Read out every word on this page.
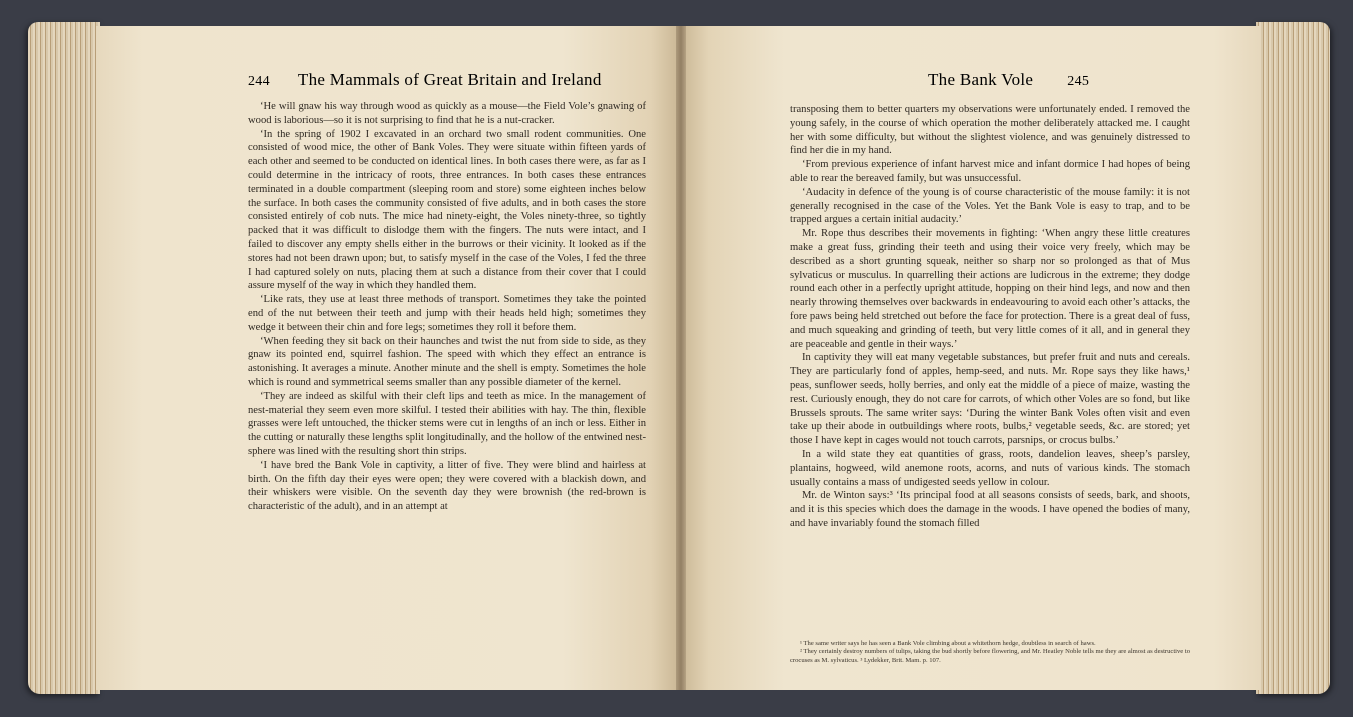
244 The Mammals of Great Britain and Ireland

‘He will gnaw his way through wood as quickly as a mouse—the Field Vole’s gnawing of wood is laborious—so it is not surprising to find that he is a nut-cracker.

‘In the spring of 1902 I excavated in an orchard two small rodent communities. One consisted of wood mice, the other of Bank Voles. They were situate within fifteen yards of each other and seemed to be conducted on identical lines. In both cases there were, as far as I could determine in the intricacy of roots, three entrances. In both cases these entrances terminated in a double compartment (sleeping room and store) some eighteen inches below the surface. In both cases the community consisted of five adults, and in both cases the store consisted entirely of cob nuts. The mice had ninety-eight, the Voles ninety-three, so tightly packed that it was difficult to dislodge them with the fingers. The nuts were intact, and I failed to discover any empty shells either in the burrows or their vicinity. It looked as if the stores had not been drawn upon; but, to satisfy myself in the case of the Voles, I fed the three I had captured solely on nuts, placing them at such a distance from their cover that I could assure myself of the way in which they handled them.

‘Like rats, they use at least three methods of transport. Sometimes they take the pointed end of the nut between their teeth and jump with their heads held high; sometimes they wedge it between their chin and fore legs; sometimes they roll it before them.

‘When feeding they sit back on their haunches and twist the nut from side to side, as they gnaw its pointed end, squirrel fashion. The speed with which they effect an entrance is astonishing. It averages a minute. Another minute and the shell is empty. Sometimes the hole which is round and symmetrical seems smaller than any possible diameter of the kernel.

‘They are indeed as skilful with their cleft lips and teeth as mice. In the management of nest-material they seem even more skilful. I tested their abilities with hay. The thin, flexible grasses were left untouched, the thicker stems were cut in lengths of an inch or less. Either in the cutting or naturally these lengths split longitudinally, and the hollow of the entwined nest-sphere was lined with the resulting short thin strips.

‘I have bred the Bank Vole in captivity, a litter of five. They were blind and hairless at birth. On the fifth day their eyes were open; they were covered with a blackish down, and their whiskers were visible. On the seventh day they were brownish (the red-brown is characteristic of the adult), and in an attempt at

The Bank Vole 245

transposing them to better quarters my observations were unfortunately ended. I removed the young safely, in the course of which operation the mother deliberately attacked me. I caught her with some difficulty, but without the slightest violence, and was genuinely distressed to find her die in my hand.

‘From previous experience of infant harvest mice and infant dormice I had hopes of being able to rear the bereaved family, but was unsuccessful.

‘Audacity in defence of the young is of course characteristic of the mouse family: it is not generally recognised in the case of the Voles. Yet the Bank Vole is easy to trap, and to be trapped argues a certain initial audacity.’

Mr. Rope thus describes their movements in fighting: ‘When angry these little creatures make a great fuss, grinding their teeth and using their voice very freely, which may be described as a short grunting squeak, neither so sharp nor so prolonged as that of Mus sylvaticus or musculus. In quarrelling their actions are ludicrous in the extreme; they dodge round each other in a perfectly upright attitude, hopping on their hind legs, and now and then nearly throwing themselves over backwards in endeavouring to avoid each other’s attacks, the fore paws being held stretched out before the face for protection. There is a great deal of fuss, and much squeaking and grinding of teeth, but very little comes of it all, and in general they are peaceable and gentle in their ways.’

In captivity they will eat many vegetable substances, but prefer fruit and nuts and cereals. They are particularly fond of apples, hemp-seed, and nuts. Mr. Rope says they like haws,¹ peas, sunflower seeds, holly berries, and only eat the middle of a piece of maize, wasting the rest. Curiously enough, they do not care for carrots, of which other Voles are so fond, but like Brussels sprouts. The same writer says: ‘During the winter Bank Voles often visit and even take up their abode in outbuildings where roots, bulbs,² vegetable seeds, &c. are stored; yet those I have kept in cages would not touch carrots, parsnips, or crocus bulbs.’

In a wild state they eat quantities of grass, roots, dandelion leaves, sheep’s parsley, plantains, hogweed, wild anemone roots, acorns, and nuts of various kinds. The stomach usually contains a mass of undigested seeds yellow in colour.

Mr. de Winton says:³ ‘Its principal food at all seasons consists of seeds, bark, and shoots, and it is this species which does the damage in the woods. I have opened the bodies of many, and have invariably found the stomach filled

¹ The same writer says he has seen a Bank Vole climbing about a whitethorn hedge, doubtless in search of haws.

² They certainly destroy numbers of tulips, taking the bud shortly before flowering, and Mr. Heatley Noble tells me they are almost as destructive to crocuses as M. sylvaticus. ³ Lydekker, Brit. Mam. p. 107.
